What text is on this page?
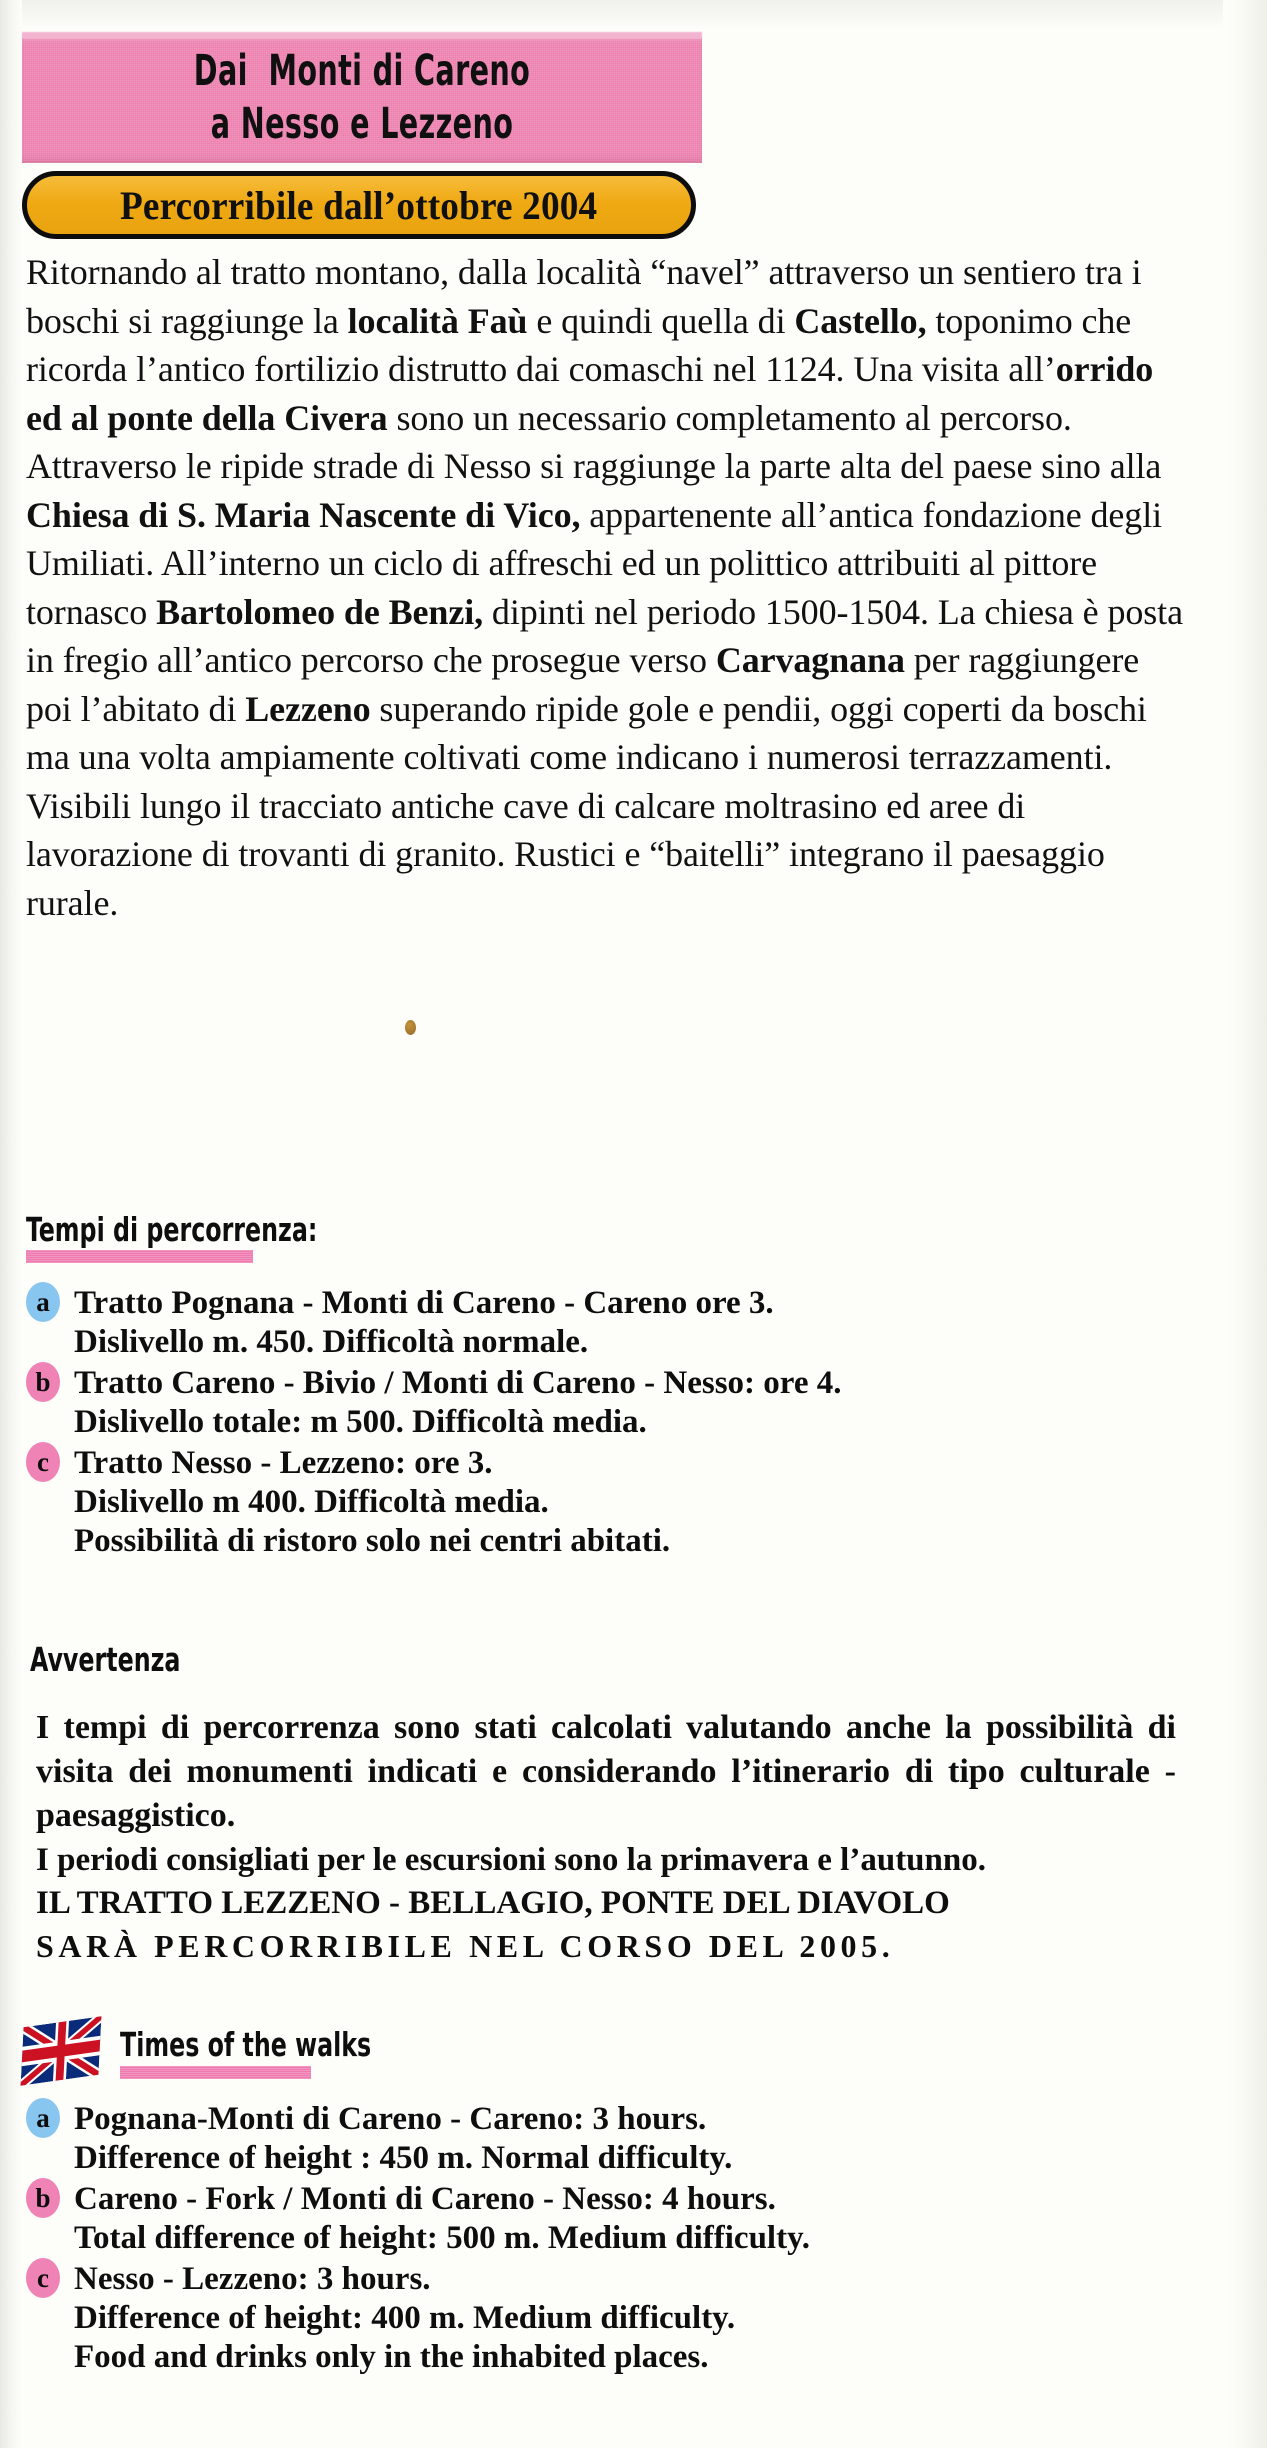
Dai  Monti di Careno
a Nesso e Lezzeno
Percorribile dall’ottobre 2004

Ritornando al tratto montano, dalla località “navel” attraverso un sentiero tra i boschi si raggiunge la località Faù e quindi quella di Castello, toponimo che ricorda l’antico fortilizio distrutto dai comaschi nel 1124. Una visita all’orrido ed al ponte della Civera sono un necessario completamento al percorso.

Attraverso le ripide strade di Nesso si raggiunge la parte alta del paese sino alla Chiesa di S. Maria Nascente di Vico, appartenente all’antica fondazione degli Umiliati. All’interno un ciclo di affreschi ed un polittico attribuiti al pittore tornasco Bartolomeo de Benzi, dipinti nel periodo 1500-1504. La chiesa è posta in fregio all’antico percorso che prosegue verso Carvagnana per raggiungere poi l’abitato di Lezzeno superando ripide gole e pendii, oggi coperti da boschi ma una volta ampiamente coltivati come indicano i numerosi terrazzamenti. Visibili lungo il tracciato antiche cave di calcare moltrasino ed aree di lavorazione di trovanti di granito. Rustici e “baitelli” integrano il paesaggio rurale.

Tempi di percorrenza:
a Tratto Pognana - Monti di Careno - Careno ore 3.
Dislivello m. 450. Difficoltà normale.
b Tratto Careno - Bivio / Monti di Careno - Nesso: ore 4.
Dislivello totale: m 500. Difficoltà media.
c Tratto Nesso - Lezzeno: ore 3.
Dislivello m 400. Difficoltà media.
Possibilità di ristoro solo nei centri abitati.
Avvertenza

I tempi di percorrenza sono stati calcolati valutando anche la possibilità di visita dei monumenti indicati e considerando l’itinerario di tipo culturale - paesaggistico.

I periodi consigliati per le escursioni sono la primavera e l’autunno.

IL TRATTO LEZZENO - BELLAGIO, PONTE DEL DIAVOLO

SARÀ PERCORRIBILE NEL CORSO DEL 2005.

Times of the walks
a Pognana-Monti di Careno - Careno: 3 hours.
Difference of height : 450 m. Normal difficulty.
b Careno - Fork / Monti di Careno - Nesso: 4 hours.
Total difference of height: 500 m. Medium difficulty.
c Nesso - Lezzeno: 3 hours.
Difference of height: 400 m. Medium difficulty.
Food and drinks only in the inhabited places.
